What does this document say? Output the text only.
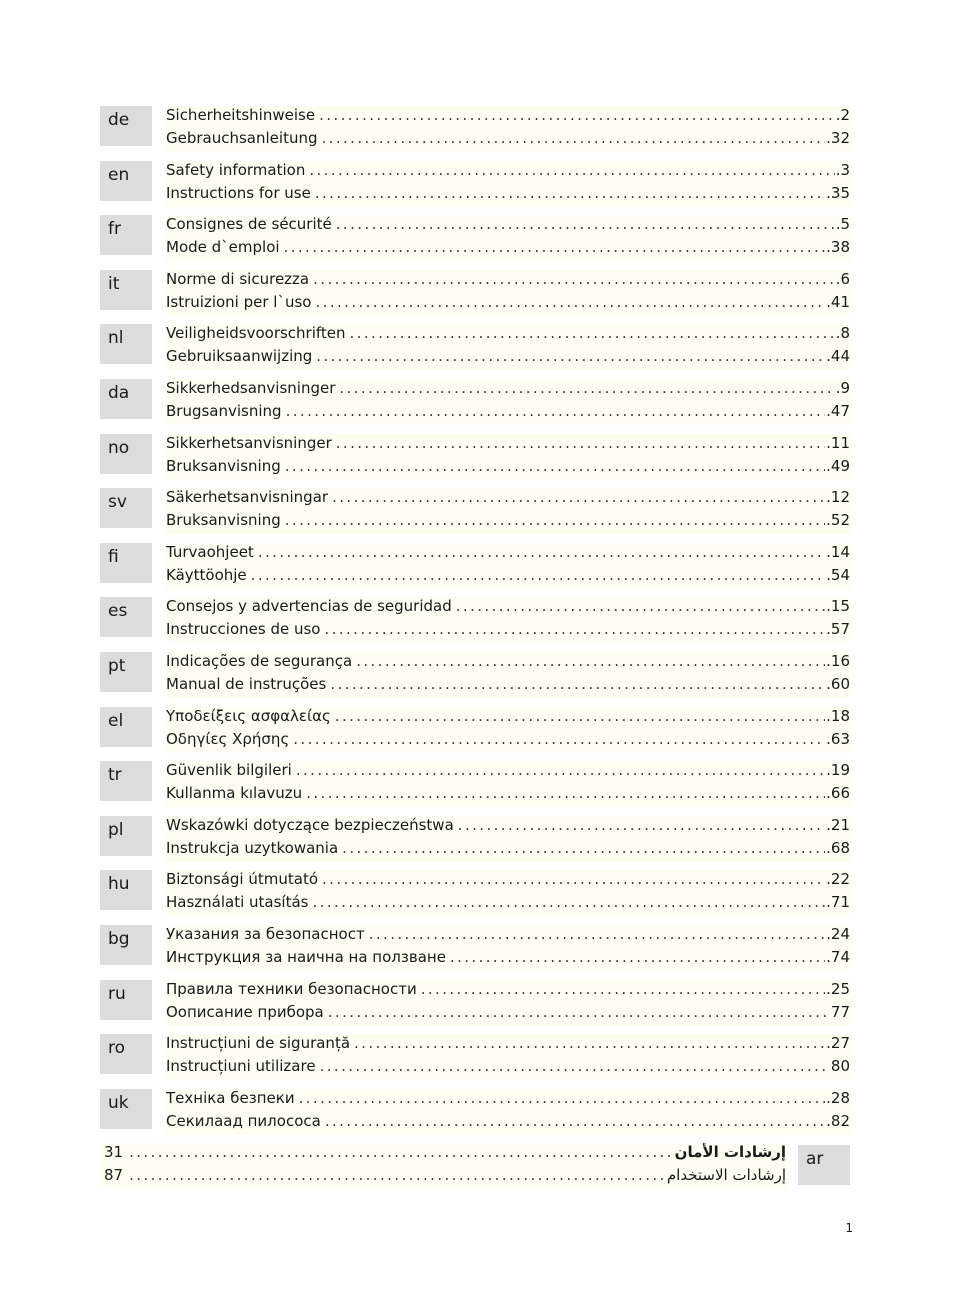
de	Sicherheitshinweise .....	.2
Gebrauchsanleitung .....	.32
en	Safety information .....	.3
Instructions for use .....	.35
fr	Consignes de sécurité .....	.5
Mode d`emploi .....	.38
it	Norme di sicurezza .....	.6
Istruizioni per l`uso .....	.41
nl	Veiligheidsvoorschriften .....	.8
Gebruiksaanwijzing .....	.44
da	Sikkerhedsanvisninger .....	.9
Brugsanvisning .....	.47
no	Sikkerhetsanvisninger .....	.11
Bruksanvisning .....	.49
sv	Säkerhetsanvisningar .....	.12
Bruksanvisning .....	.52
fi	Turvaohjeet .....	.14
Käyttöohje .....	.54
es	Consejos y advertencias de seguridad .....	.15
Instrucciones de uso .....	.57
pt	Indicações de segurança .....	.16
Manual de instruções .....	.60
el	Υποδείξεις ασφαλείας .....	.18
Οδηγίες Χρήσης .....	.63
tr	Güvenlik bilgileri .....	.19
Kullanma kılavuzu .....	.66
pl	Wskazówki dotyczące bezpieczeństwa .....	.21
Instrukcja uzytkowania .....	.68
hu	Biztonsági útmutató .....	.22
Használati utasítás .....	.71
bg	Указания за безопасност .....	.24
Инструкция за наична на ползване .....	.74
ru	Правила техники безопасности .....	.25
Оописание прибора .....	77
ro	Instrucțiuni de siguranță .....	.27
Instrucțiuni utilizare .....	80
uk	Техніка безпеки .....	.28
Секилаад пилососа .....	.82
31 .....	إرشادات الأمان
87 .....	إرشادات الاستخدام
ar
1
